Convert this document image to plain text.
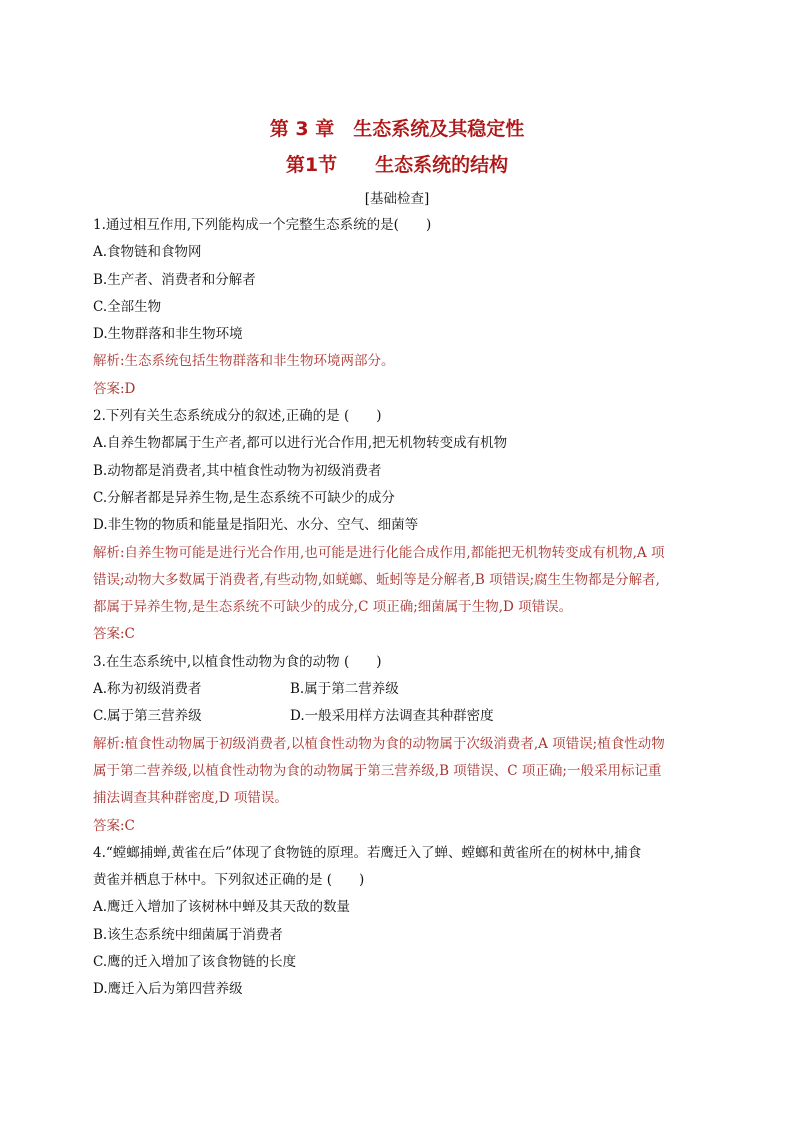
第 3 章　生态系统及其稳定性
第1节　　生态系统的结构
[基础检查]
1.通过相互作用,下列能构成一个完整生态系统的是(　　)
A.食物链和食物网
B.生产者、消费者和分解者
C.全部生物
D.生物群落和非生物环境
解析:生态系统包括生物群落和非生物环境两部分。
答案:D
2.下列有关生态系统成分的叙述,正确的是 (　　)
A.自养生物都属于生产者,都可以进行光合作用,把无机物转变成有机物
B.动物都是消费者,其中植食性动物为初级消费者
C.分解者都是异养生物,是生态系统不可缺少的成分
D.非生物的物质和能量是指阳光、水分、空气、细菌等
解析:自养生物可能是进行光合作用,也可能是进行化能合成作用,都能把无机物转变成有机物,A 项
错误;动物大多数属于消费者,有些动物,如蜣螂、蚯蚓等是分解者,B 项错误;腐生生物都是分解者,
都属于异养生物,是生态系统不可缺少的成分,C 项正确;细菌属于生物,D 项错误。
答案:C
3.在生态系统中,以植食性动物为食的动物 (　　)
A.称为初级消费者	B.属于第二营养级
C.属于第三营养级	D.一般采用样方法调查其种群密度
解析:植食性动物属于初级消费者,以植食性动物为食的动物属于次级消费者,A 项错误;植食性动物
属于第二营养级,以植食性动物为食的动物属于第三营养级,B 项错误、C 项正确;一般采用标记重
捕法调查其种群密度,D 项错误。
答案:C
4.“螳螂捕蝉,黄雀在后”体现了食物链的原理。若鹰迁入了蝉、螳螂和黄雀所在的树林中,捕食
黄雀并栖息于林中。下列叙述正确的是 (　　)
A.鹰迁入增加了该树林中蝉及其天敌的数量
B.该生态系统中细菌属于消费者
C.鹰的迁入增加了该食物链的长度
D.鹰迁入后为第四营养级
